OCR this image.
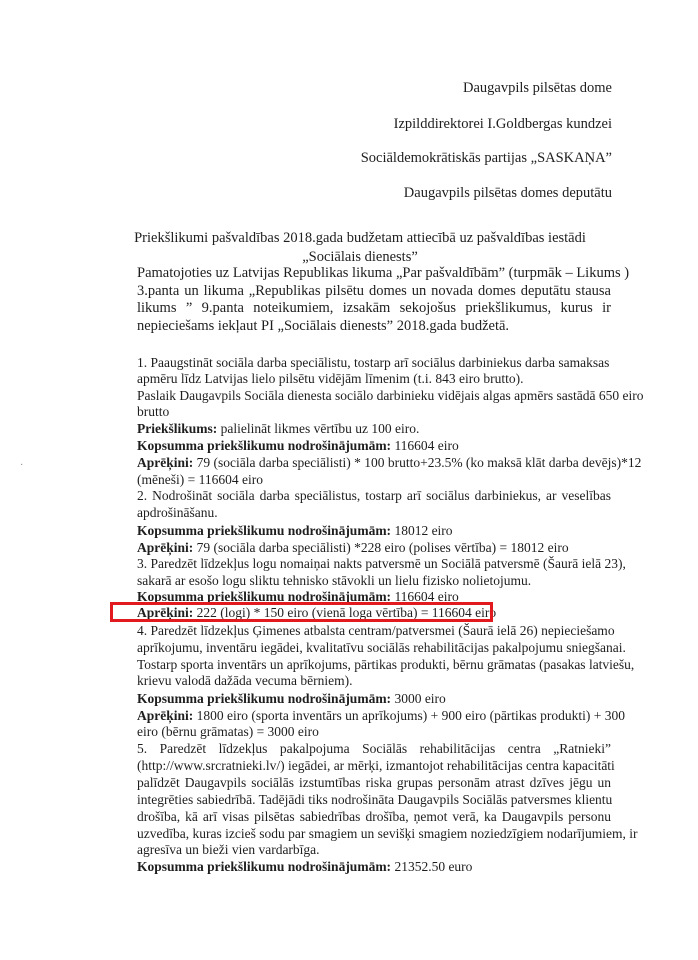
Daugavpils pilsētas dome
Izpilddirektorei I.Goldbergas kundzei
Sociāldemokrātiskās partijas „SASKAŅA”
Daugavpils pilsētas domes deputātu
Priekšlikumi pašvaldības 2018.gada budžetam attiecībā uz pašvaldības iestādi
„Sociālais dienests”
Pamatojoties uz Latvijas Republikas likuma „Par pašvaldībām” (turpmāk – Likums )
3.panta un likuma „Republikas pilsētu domes un novada domes deputātu stausa
likums ” 9.panta noteikumiem, izsakām sekojošus priekšlikumus, kurus ir
nepieciešams iekļaut PI „Sociālais dienests” 2018.gada budžetā.
·
1. Paaugstināt sociāla darba speciālistu, tostarp arī sociālus darbiniekus darba samaksas
apmēru līdz Latvijas lielo pilsētu vidējām līmenim (t.i. 843 eiro brutto).
Paslaik Daugavpils Sociāla dienesta sociālo darbinieku vidējais algas apmērs sastādā 650 eiro
brutto
Priekšlikums: palielināt likmes vērtību uz 100 eiro.
Kopsumma priekšlikumu nodrošinājumām: 116604 eiro
Aprēķini: 79 (sociāla darba speciālisti) * 100 brutto+23.5% (ko maksā klāt darba devējs)*12
(mēneši) = 116604 eiro
2. Nodrošināt sociāla darba speciālistus, tostarp arī sociālus darbiniekus, ar veselības
apdrošināšanu.
Kopsumma priekšlikumu nodrošinājumām: 18012 eiro
Aprēķini: 79 (sociāla darba speciālisti) *228 eiro (polises vērtība) = 18012 eiro
3. Paredzēt līdzekļus logu nomaiņai nakts patversmē un Sociālā patversmē (Šaurā ielā 23),
sakarā ar esošo logu sliktu tehnisko stāvokli un lielu fizisko nolietojumu.
Kopsumma priekšlikumu nodrošinājumām: 116604 eiro
Aprēķini: 222 (logi) * 150 eiro (vienā loga vērtība) = 116604 eiro
4. Paredzēt līdzekļus Ģimenes atbalsta centram/patversmei (Šaurā ielā 26) nepieciešamo
aprīkojumu, inventāru iegādei, kvalitatīvu sociālās rehabilitācijas pakalpojumu sniegšanai.
Tostarp sporta inventārs un aprīkojums, pārtikas produkti, bērnu grāmatas (pasakas latviešu,
krievu valodā dažāda vecuma bērniem).
Kopsumma priekšlikumu nodrošinājumām: 3000 eiro
Aprēķini: 1800 eiro (sporta inventārs un aprīkojums) + 900 eiro (pārtikas produkti) + 300
eiro (bērnu grāmatas) = 3000 eiro
5. Paredzēt līdzekļus pakalpojuma Sociālās rehabilitācijas centra „Ratnieki”
(http://www.srcratnieki.lv/) iegādei, ar mērķi, izmantojot rehabilitācijas centra kapacitāti
palīdzēt Daugavpils sociālās izstumtības riska grupas personām atrast dzīves jēgu un
integrēties sabiedrībā. Tadējādi tiks nodrošināta Daugavpils Sociālās patversmes klientu
drošība, kā arī visas pilsētas sabiedrības drošība, ņemot verā, ka Daugavpils personu
uzvedība, kuras izcieš sodu par smagiem un sevišķi smagiem noziedzīgiem nodarījumiem, ir
agresīva un bieži vien vardarbīga.
Kopsumma priekšlikumu nodrošinājumām: 21352.50 euro
